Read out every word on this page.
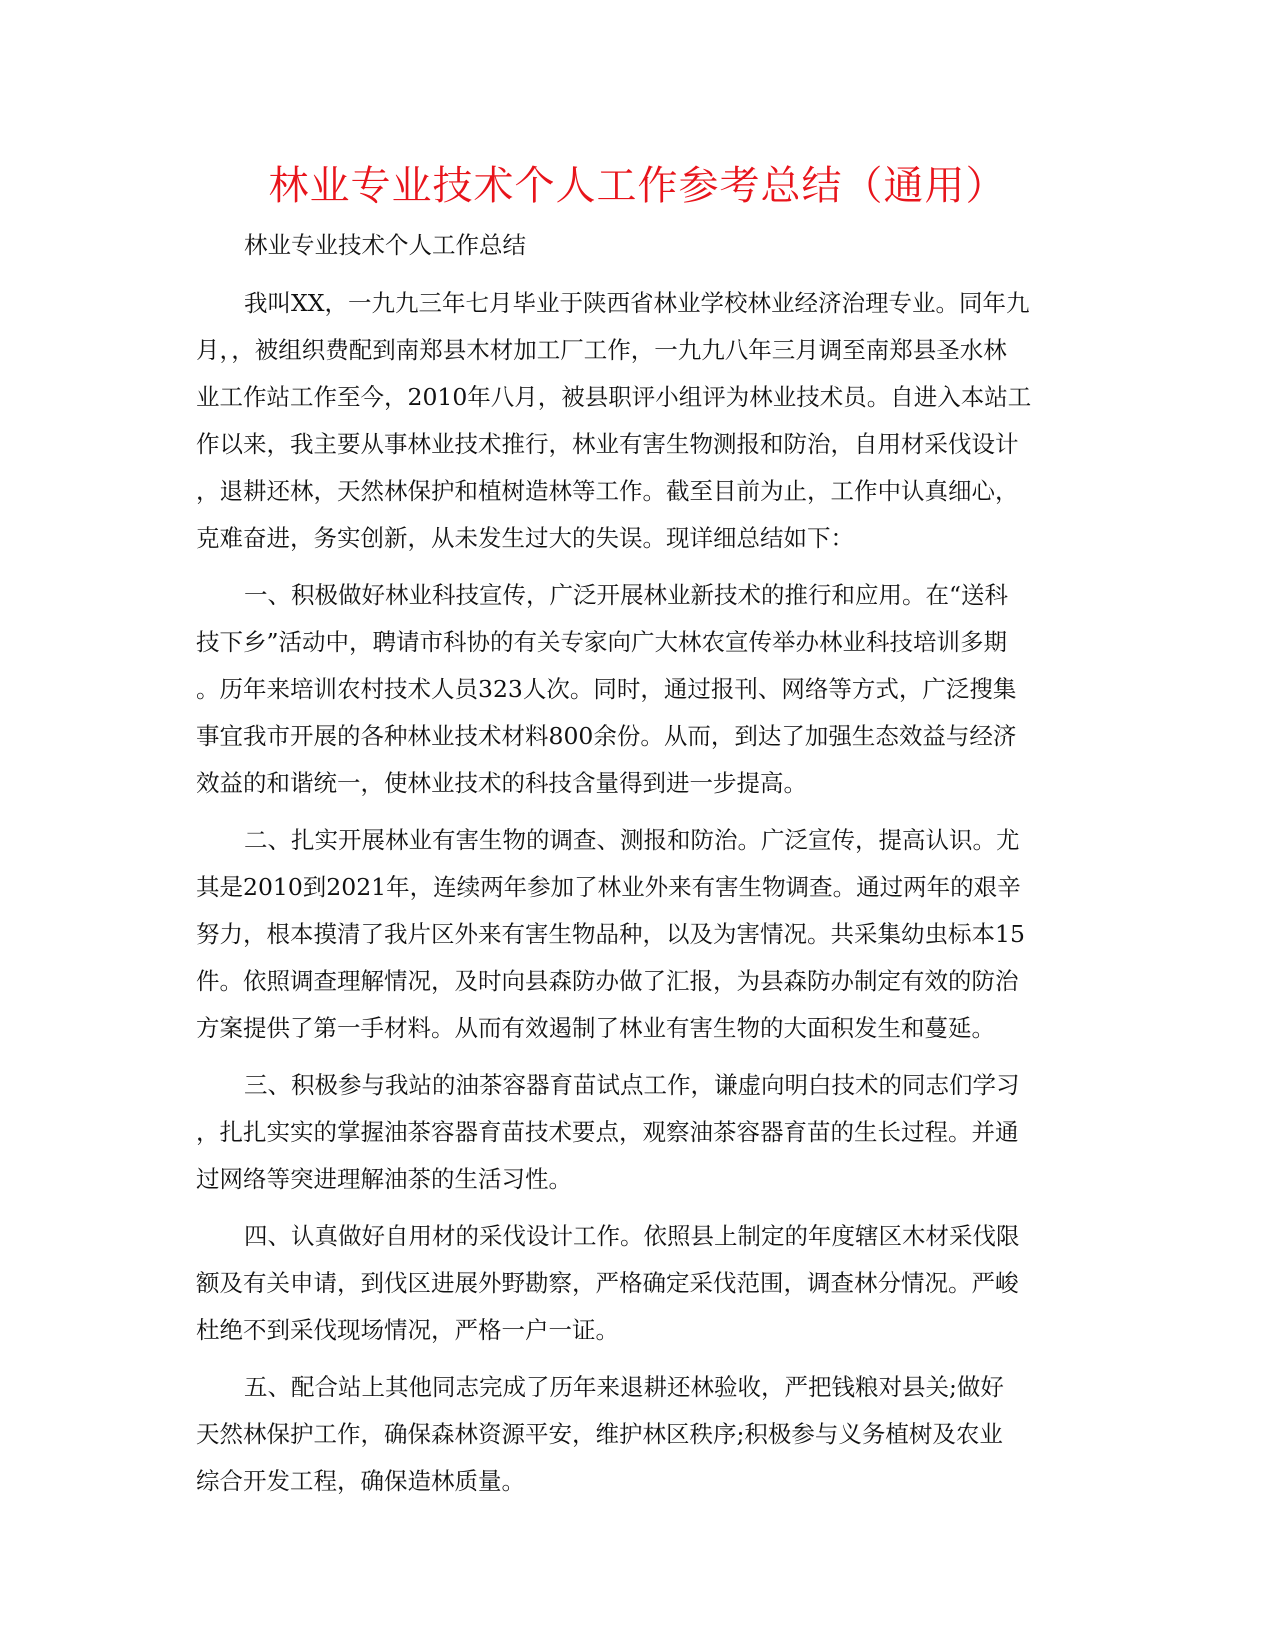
林业专业技术个人工作参考总结（通用）

林业专业技术个人工作总结

我叫XX，一九九三年七月毕业于陕西省林业学校林业经济治理专业。同年九
月，，被组织费配到南郑县木材加工厂工作，一九九八年三月调至南郑县圣水林
业工作站工作至今，2010年八月，被县职评小组评为林业技术员。自进入本站工
作以来，我主要从事林业技术推行，林业有害生物测报和防治，自用材采伐设计
，退耕还林，天然林保护和植树造林等工作。截至目前为止，工作中认真细心，
克难奋进，务实创新，从未发生过大的失误。现详细总结如下：

一、积极做好林业科技宣传，广泛开展林业新技术的推行和应用。在“送科
技下乡”活动中，聘请市科协的有关专家向广大林农宣传举办林业科技培训多期
。历年来培训农村技术人员323人次。同时，通过报刊、网络等方式，广泛搜集
事宜我市开展的各种林业技术材料800余份。从而，到达了加强生态效益与经济
效益的和谐统一，使林业技术的科技含量得到进一步提高。

二、扎实开展林业有害生物的调查、测报和防治。广泛宣传，提高认识。尤
其是2010到2021年，连续两年参加了林业外来有害生物调查。通过两年的艰辛
努力，根本摸清了我片区外来有害生物品种，以及为害情况。共采集幼虫标本15
件。依照调查理解情况，及时向县森防办做了汇报，为县森防办制定有效的防治
方案提供了第一手材料。从而有效遏制了林业有害生物的大面积发生和蔓延。

三、积极参与我站的油茶容器育苗试点工作，谦虚向明白技术的同志们学习
，扎扎实实的掌握油茶容器育苗技术要点，观察油茶容器育苗的生长过程。并通
过网络等突进理解油茶的生活习性。

四、认真做好自用材的采伐设计工作。依照县上制定的年度辖区木材采伐限
额及有关申请，到伐区进展外野勘察，严格确定采伐范围，调查林分情况。严峻
杜绝不到采伐现场情况，严格一户一证。

五、配合站上其他同志完成了历年来退耕还林验收，严把钱粮对县关;做好
天然林保护工作，确保森林资源平安，维护林区秩序;积极参与义务植树及农业
综合开发工程，确保造林质量。
